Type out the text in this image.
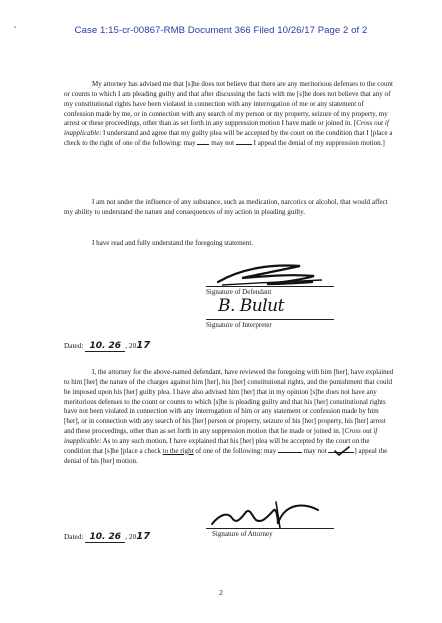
ʼ	Case 1:15-cr-00867-RMB Document 366 Filed 10/26/17 Page 2 of 2

My attorney has advised me that [s]he does not believe that there are any meritorious defenses to the count or counts to which I am pleading guilty and that after discussing the facts with me [s]he does not believe that any of my constitutional rights have been violated in connection with any interrogation of me or any statement of confession made by me, or in connection with any search of my person or my property, seizure of my property, my arrest or these proceedings, other than as set forth in any suppression motion I have made or joined in. [Cross out if inapplicable: I understand and agree that my guilty plea will be accepted by the court on the condition that I [place a check to the right of one of the following: may may not	I appeal the denial of my suppression motion.]

I am not under the influence of any substance, such as medication, narcotics or alcohol, that would affect my ability to understand the nature and consequences of my action in pleading guilty.

I have read and fully understand the foregoing statement.

Signature of Defendant
B. Bulut
Signature of Interpreter
Dated: 10. 26 , 2017

I, the attorney for the above-named defendant, have reviewed the foregoing with him [her], have explained to him [her] the nature of the charges against him [her], his [her] constitutional rights, and the punishment that could be imposed upon his [her] guilty plea. I have also advised him [her] that in my opinion [s]he does not have any meritorious defenses to the count or counts to which [s]he is pleading guilty and that his [her] constitutional rights have not been violated in connection with any interrogation of him or any statement or confession made by him [her], or in connection with any search of his [her] person or property, seizure of his [her] property, his [her] arrest and these proceedings, other than as set forth in any suppression motion that he made or joined in. [Cross out if inapplicable: As to any such motion, I have explained that his [her] plea will be accepted by the court on the condition that [s]he [place a check to the right of one of the following: may	may not	] appeal the denial of his [her] motion.

Signature of Attorney
Dated: 10. 26 , 2017
2
